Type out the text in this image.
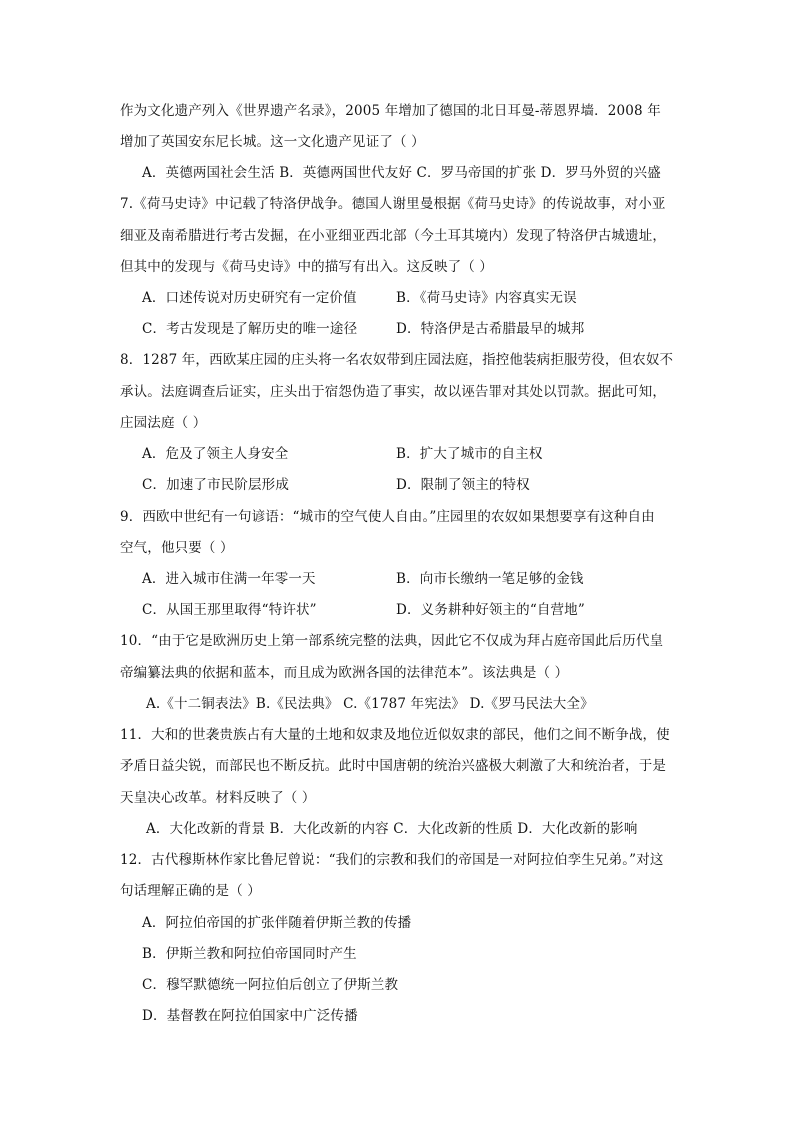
作为文化遗产列入《世界遗产名录》，2005 年增加了德国的北日耳曼-蒂恩界墙．2008 年
增加了英国安东尼长城。这一文化遗产见证了（ ）
A．英德两国社会生活 B．英德两国世代友好 C．罗马帝国的扩张 D．罗马外贸的兴盛
7.《荷马史诗》中记载了特洛伊战争。德国人谢里曼根据《荷马史诗》的传说故事，对小亚
细亚及南希腊进行考古发掘，在小亚细亚西北部（今土耳其境内）发现了特洛伊古城遗址，
但其中的发现与《荷马史诗》中的描写有出入。这反映了（ ）
A．口述传说对历史研究有一定价值	B．《荷马史诗》内容真实无误
C．考古发现是了解历史的唯一途径	D．特洛伊是古希腊最早的城邦
8．1287 年，西欧某庄园的庄头将一名农奴带到庄园法庭，指控他装病拒服劳役，但农奴不
承认。法庭调查后证实，庄头出于宿怨伪造了事实，故以诬告罪对其处以罚款。据此可知，
庄园法庭（ ）
A．危及了领主人身安全	B．扩大了城市的自主权
C．加速了市民阶层形成	D．限制了领主的特权
9．西欧中世纪有一句谚语：“城市的空气使人自由。”庄园里的农奴如果想要享有这种自由
空气，他只要（ ）
A．进入城市住满一年零一天	B．向市长缴纳一笔足够的金钱
C．从国王那里取得“特许状”	D．义务耕种好领主的“自营地”
10．“由于它是欧洲历史上第一部系统完整的法典，因此它不仅成为拜占庭帝国此后历代皇
帝编纂法典的依据和蓝本，而且成为欧洲各国的法律范本”。该法典是（ ）
A.《十二铜表法》B.《民法典》 C.《1787 年宪法》 D.《罗马民法大全》
11．大和的世袭贵族占有大量的土地和奴隶及地位近似奴隶的部民，他们之间不断争战，使
矛盾日益尖锐，而部民也不断反抗。此时中国唐朝的统治兴盛极大刺激了大和统治者，于是
天皇决心改革。材料反映了（ ）
A．大化改新的背景 B．大化改新的内容 C．大化改新的性质 D．大化改新的影响
12．古代穆斯林作家比鲁尼曾说：“我们的宗教和我们的帝国是一对阿拉伯孪生兄弟。”对这
句话理解正确的是（ ）
A．阿拉伯帝国的扩张伴随着伊斯兰教的传播
B．伊斯兰教和阿拉伯帝国同时产生
C．穆罕默德统一阿拉伯后创立了伊斯兰教
D．基督教在阿拉伯国家中广泛传播
